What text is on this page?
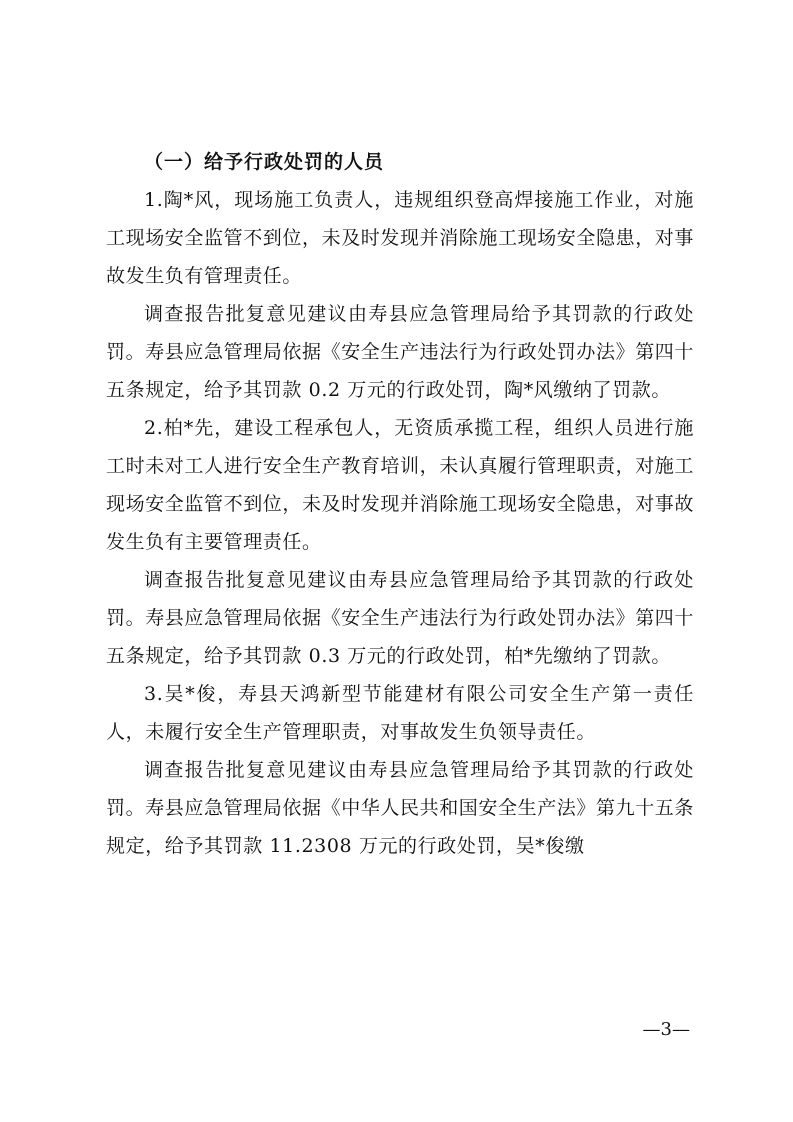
（一）给予行政处罚的人员

1.陶*风，现场施工负责人，违规组织登高焊接施工作业，对施工现场安全监管不到位，未及时发现并消除施工现场安全隐患，对事故发生负有管理责任。

调查报告批复意见建议由寿县应急管理局给予其罚款的行政处罚。寿县应急管理局依据《安全生产违法行为行政处罚办法》第四十五条规定，给予其罚款 0.2 万元的行政处罚，陶*风缴纳了罚款。

2.柏*先，建设工程承包人，无资质承揽工程，组织人员进行施工时未对工人进行安全生产教育培训，未认真履行管理职责，对施工现场安全监管不到位，未及时发现并消除施工现场安全隐患，对事故发生负有主要管理责任。

调查报告批复意见建议由寿县应急管理局给予其罚款的行政处罚。寿县应急管理局依据《安全生产违法行为行政处罚办法》第四十五条规定，给予其罚款 0.3 万元的行政处罚，柏*先缴纳了罚款。

3.吴*俊，寿县天鸿新型节能建材有限公司安全生产第一责任人，未履行安全生产管理职责，对事故发生负领导责任。

调查报告批复意见建议由寿县应急管理局给予其罚款的行政处罚。寿县应急管理局依据《中华人民共和国安全生产法》第九十五条规定，给予其罚款 11.2308 万元的行政处罚，吴*俊缴

—3—
